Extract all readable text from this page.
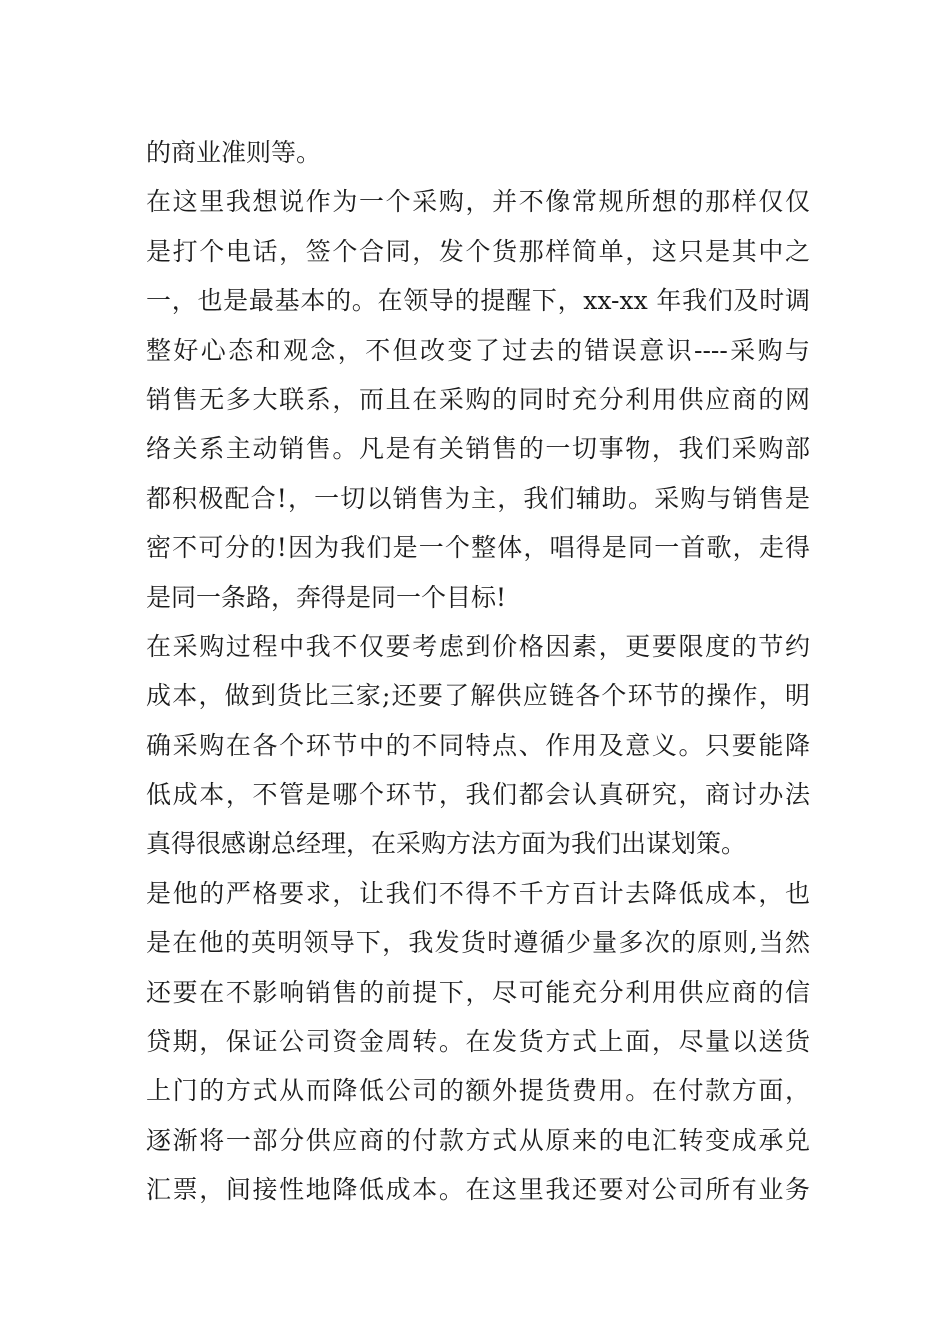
的商业准则等。
在这里我想说作为一个采购，并不像常规所想的那样仅仅
是打个电话，签个合同，发个货那样简单，这只是其中之
一，也是最基本的。在领导的提醒下，xx-xx 年我们及时调
整好心态和观念，不但改变了过去的错误意识----采购与
销售无多大联系，而且在采购的同时充分利用供应商的网
络关系主动销售。凡是有关销售的一切事物，我们采购部
都积极配合!，一切以销售为主，我们辅助。采购与销售是
密不可分的!因为我们是一个整体，唱得是同一首歌，走得
是同一条路，奔得是同一个目标!
在采购过程中我不仅要考虑到价格因素，更要限度的节约
成本，做到货比三家;还要了解供应链各个环节的操作，明
确采购在各个环节中的不同特点、作用及意义。只要能降
低成本，不管是哪个环节，我们都会认真研究，商讨办法
真得很感谢总经理，在采购方法方面为我们出谋划策。
是他的严格要求，让我们不得不千方百计去降低成本，也
是在他的英明领导下，我发货时遵循少量多次的原则,当然
还要在不影响销售的前提下，尽可能充分利用供应商的信
贷期，保证公司资金周转。在发货方式上面，尽量以送货
上门的方式从而降低公司的额外提货费用。在付款方面，
逐渐将一部分供应商的付款方式从原来的电汇转变成承兑
汇票，间接性地降低成本。在这里我还要对公司所有业务
